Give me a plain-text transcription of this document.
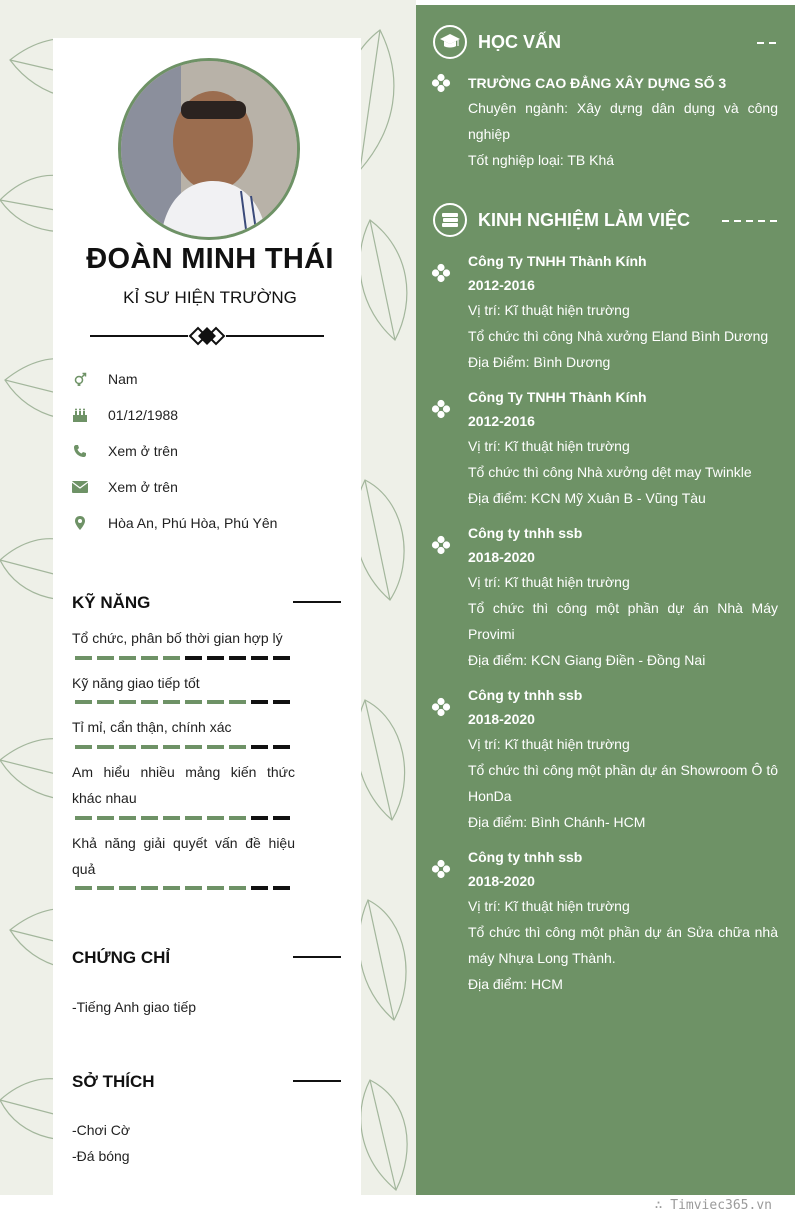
ĐOÀN MINH THÁI
KỈ SƯ HIỆN TRƯỜNG
Nam
01/12/1988
Xem ở trên
Xem ở trên
Hòa An, Phú Hòa, Phú Yên
KỸ NĂNG
Tổ chức, phân bố thời gian hợp lý
Kỹ năng giao tiếp tốt
Tỉ mỉ, cẩn thận, chính xác
Am hiểu nhiều mảng kiến thức khác nhau
Khả năng giải quyết vấn đề hiệu quả
CHỨNG CHỈ
-Tiếng Anh giao tiếp
SỞ THÍCH
-Chơi Cờ
-Đá bóng
HỌC VẤN
TRƯỜNG CAO ĐẲNG XÂY DỰNG SỐ 3
Chuyên ngành: Xây dựng dân dụng và công nghiệp
Tốt nghiệp loại: TB Khá
KINH NGHIỆM LÀM VIỆC
Công Ty TNHH Thành Kính
2012-2016
Vị trí: Kĩ thuật hiện trường
Tổ chức thì công Nhà xưởng Eland Bình Dương
Địa Điểm: Bình Dương
Công Ty TNHH Thành Kính
2012-2016
Vị trí: Kĩ thuật hiện trường
Tổ chức thì công Nhà xưởng dệt may Twinkle
Địa điểm: KCN Mỹ Xuân B - Vũng Tàu
Công ty tnhh ssb
2018-2020
Vị trí: Kĩ thuật hiện trường
Tổ chức thì công một phần dự án Nhà Máy Provimi
Địa điểm: KCN Giang Điền - Đồng Nai
Công ty tnhh ssb
2018-2020
Vị trí: Kĩ thuật hiện trường
Tổ chức thì công một phần dự án Showroom Ô tô HonDa
Địa điểm: Bình Chánh- HCM
Công ty tnhh ssb
2018-2020
Vị trí: Kĩ thuật hiện trường
Tổ chức thì công một phần dự án Sửa chữa nhà máy Nhựa Long Thành.
Địa điểm: HCM
∴ Timviec365.vn
